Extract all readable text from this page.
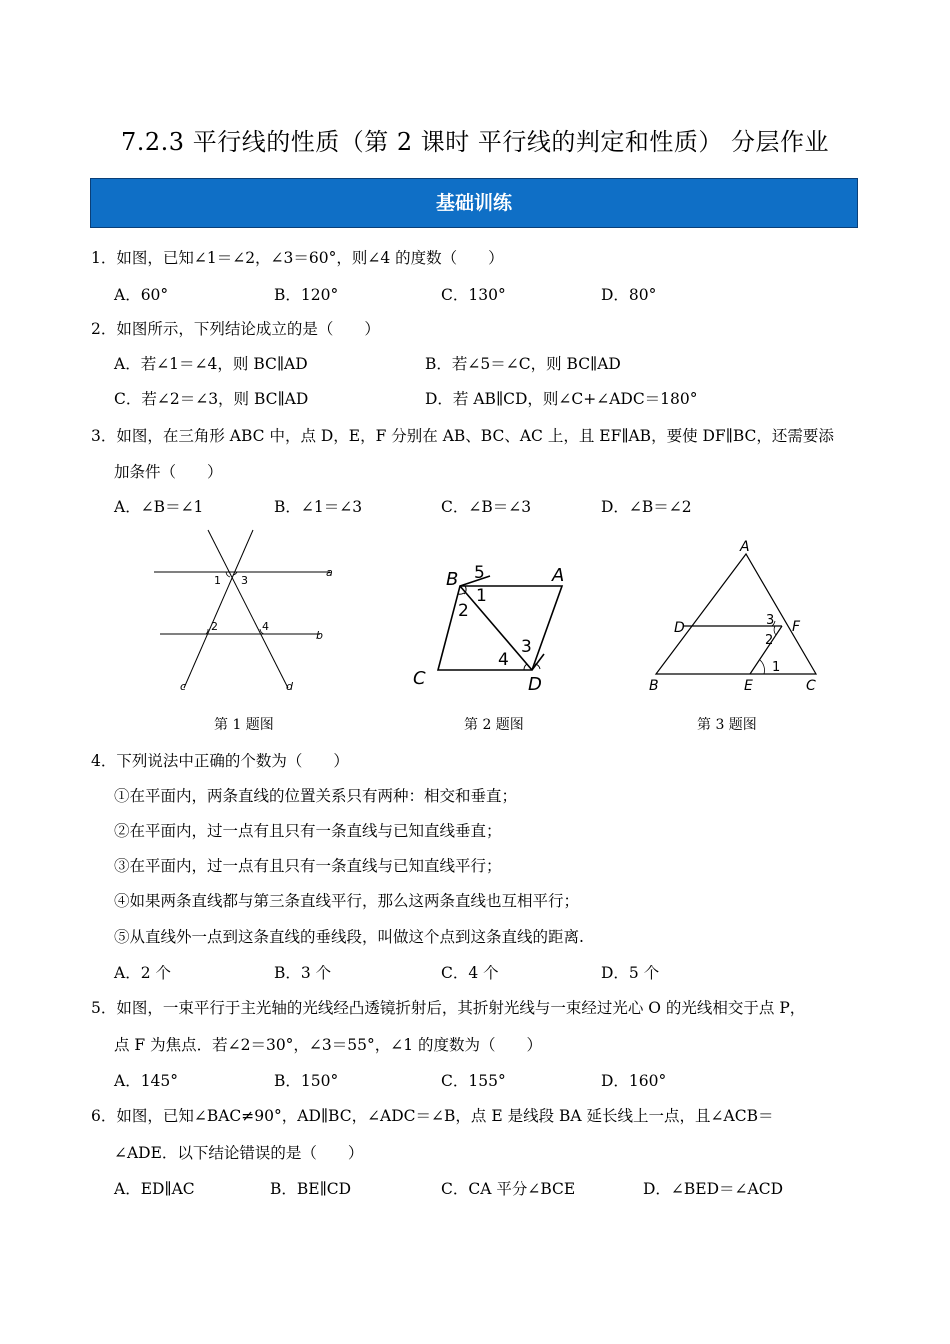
7.2.3 平行线的性质（第 2 课时 平行线的判定和性质） 分层作业
基础训练
1．如图，已知∠1＝∠2，∠3＝60°，则∠4 的度数（　　）
A．60°	B．120°	C．130°	D．80°
2．如图所示，下列结论成立的是（　　）
A．若∠1＝∠4，则 BC∥AD	B．若∠5＝∠C，则 BC∥AD
C．若∠2＝∠3，则 BC∥AD	D．若 AB∥CD，则∠C+∠ADC＝180°
3．如图，在三角形 ABC 中，点 D，E，F 分别在 AB、BC、AC 上，且 EF∥AB，要使 DF∥BC，还需要添
加条件（　　）
A．∠B＝∠1	B．∠1＝∠3	C．∠B＝∠3	D．∠B＝∠2
1 3
2	4
a
b
c	d
第 1 题图
B 5	A
1
2
3
4
C	D
第 2 题图
A
D	F
3
2
1
B	E	C
第 3 题图
4．下列说法中正确的个数为（　　）
①在平面内，两条直线的位置关系只有两种：相交和垂直；
②在平面内，过一点有且只有一条直线与已知直线垂直；
③在平面内，过一点有且只有一条直线与已知直线平行；
④如果两条直线都与第三条直线平行，那么这两条直线也互相平行；
⑤从直线外一点到这条直线的垂线段，叫做这个点到这条直线的距离.
A．2 个	B．3 个	C．4 个	D．5 个
5．如图，一束平行于主光轴的光线经凸透镜折射后，其折射光线与一束经过光心 O 的光线相交于点 P，
点 F 为焦点．若∠2＝30°，∠3＝55°，∠1 的度数为（　　）
A．145°	B．150°	C．155°	D．160°
6．如图，已知∠BAC≠90°，AD∥BC，∠ADC＝∠B，点 E 是线段 BA 延长线上一点，且∠ACB＝
∠ADE．以下结论错误的是（　　）
A．ED∥AC	B．BE∥CD	C．CA 平分∠BCE	D．∠BED＝∠ACD
